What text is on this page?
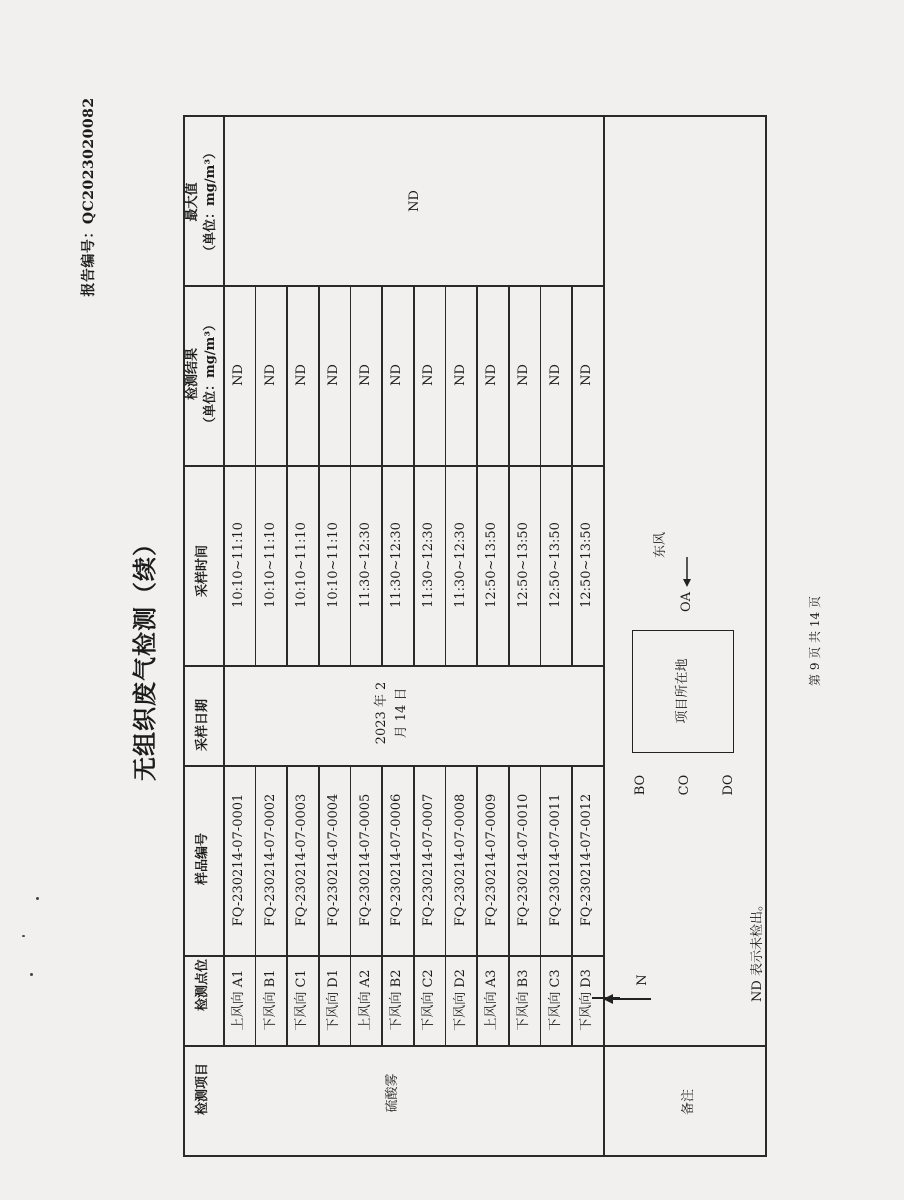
报告编号：QC2023020082
无组织废气检测（续）	第 9 页 共 14 页
检测项目
检测点位
样品编号
采样日期
采样时间
检测结果 （单位：mg/m³）
最大值 （单位：mg/m³）
硫酸雾
2023 年 2 月 14 日
ND
上风向 A1
FQ-230214-07-0001
10:10~11:10
ND
下风向 B1
FQ-230214-07-0002
10:10~11:10
ND
下风向 C1
FQ-230214-07-0003
10:10~11:10
ND
下风向 D1
FQ-230214-07-0004
10:10~11:10
ND
上风向 A2
FQ-230214-07-0005
11:30~12:30
ND
下风向 B2
FQ-230214-07-0006
11:30~12:30
ND
下风向 C2
FQ-230214-07-0007
11:30~12:30
ND
下风向 D2
FQ-230214-07-0008
11:30~12:30
ND
上风向 A3
FQ-230214-07-0009
12:50~13:50
ND
下风向 B3
FQ-230214-07-0010
12:50~13:50
ND
下风向 C3
FQ-230214-07-0011
12:50~13:50
ND
下风向 D3
FQ-230214-07-0012
12:50~13:50
ND
备注
N	ND 表示未检出。
BO CO DO
项目所在地
OA
东风
